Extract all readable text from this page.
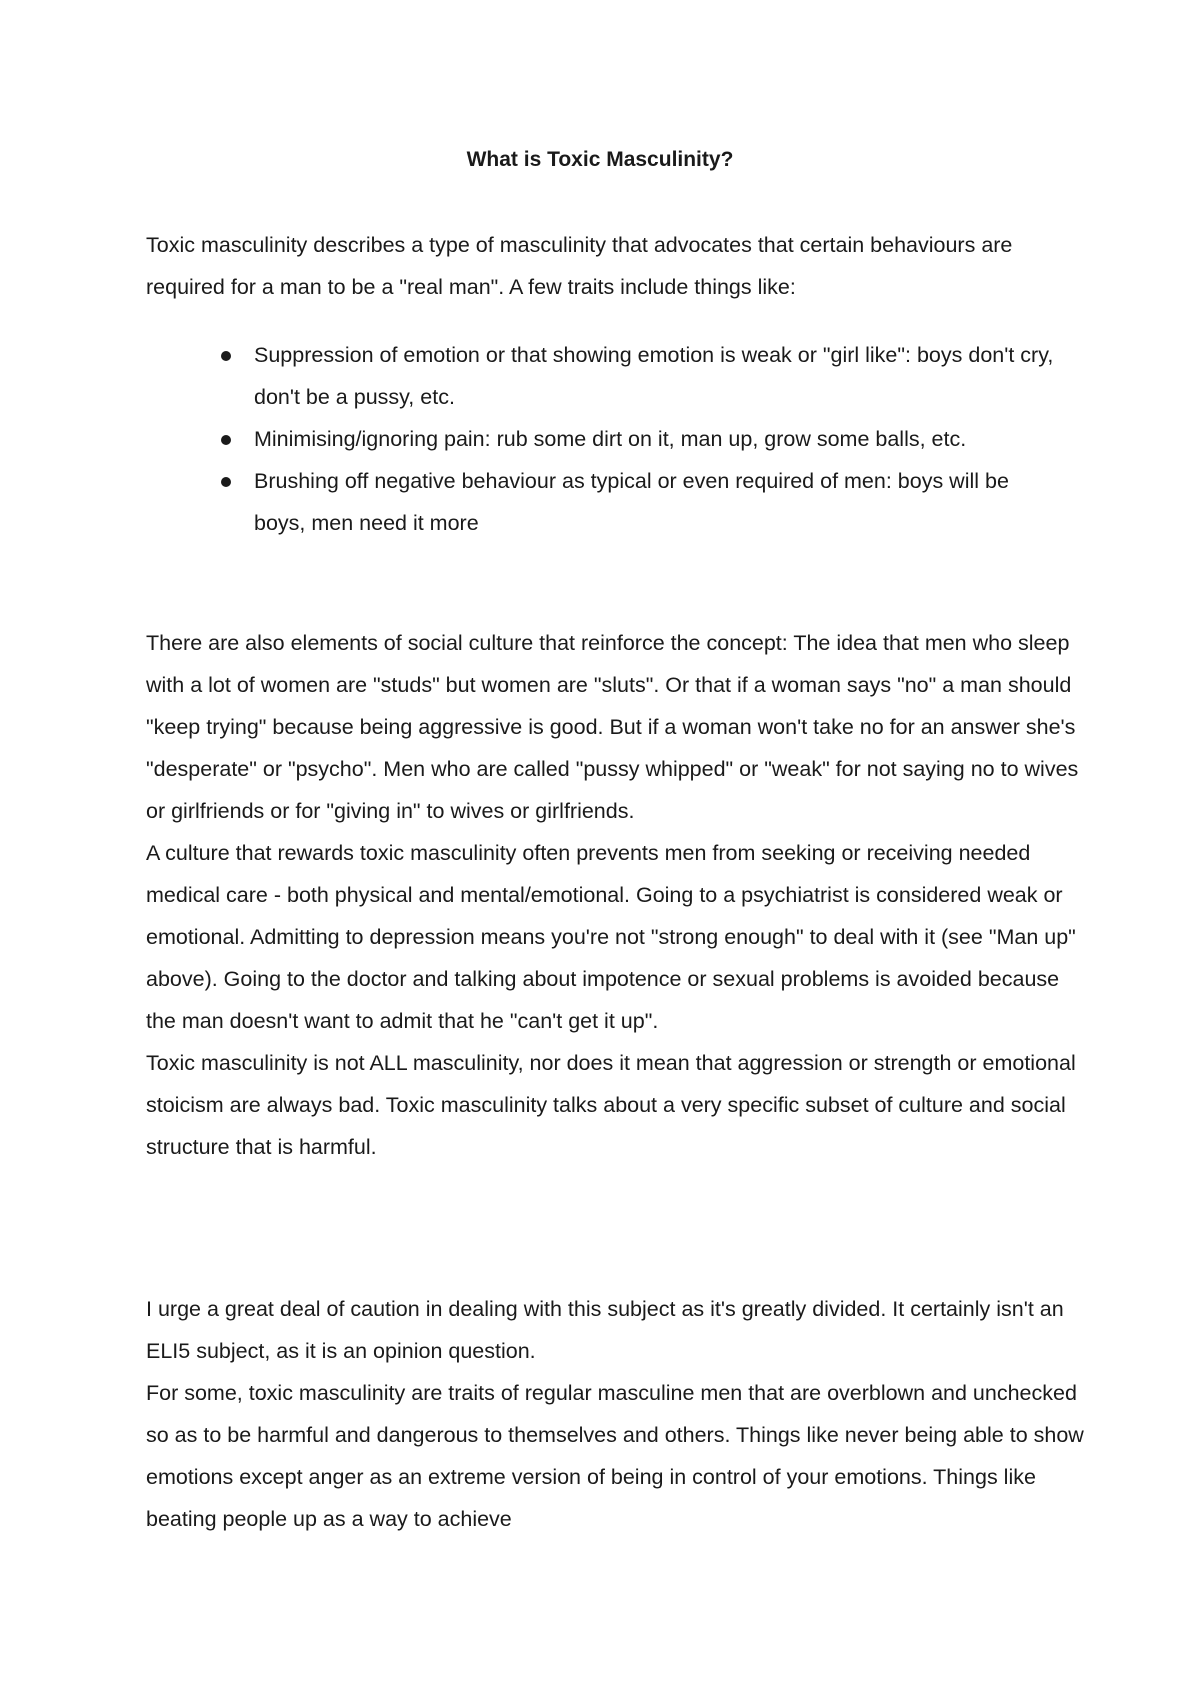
What is Toxic Masculinity?

Toxic masculinity describes a type of masculinity that advocates that certain behaviours are required for a man to be a "real man". A few traits include things like:

Suppression of emotion or that showing emotion is weak or "girl like": boys don't cry, don't be a pussy, etc.
Minimising/ignoring pain: rub some dirt on it, man up, grow some balls, etc.
Brushing off negative behaviour as typical or even required of men: boys will be boys, men need it more

There are also elements of social culture that reinforce the concept: The idea that men who sleep with a lot of women are "studs" but women are "sluts". Or that if a woman says "no" a man should "keep trying" because being aggressive is good. But if a woman won't take no for an answer she's "desperate" or "psycho". Men who are called "pussy whipped" or "weak" for not saying no to wives or girlfriends or for "giving in" to wives or girlfriends.

A culture that rewards toxic masculinity often prevents men from seeking or receiving needed medical care - both physical and mental/emotional. Going to a psychiatrist is considered weak or emotional. Admitting to depression means you're not "strong enough" to deal with it (see "Man up" above). Going to the doctor and talking about impotence or sexual problems is avoided because the man doesn't want to admit that he "can't get it up".

Toxic masculinity is not ALL masculinity, nor does it mean that aggression or strength or emotional stoicism are always bad. Toxic masculinity talks about a very specific subset of culture and social structure that is harmful.

I urge a great deal of caution in dealing with this subject as it's greatly divided. It certainly isn't an ELI5 subject, as it is an opinion question.

For some, toxic masculinity are traits of regular masculine men that are overblown and unchecked so as to be harmful and dangerous to themselves and others. Things like never being able to show emotions except anger as an extreme version of being in control of your emotions. Things like beating people up as a way to achieve
